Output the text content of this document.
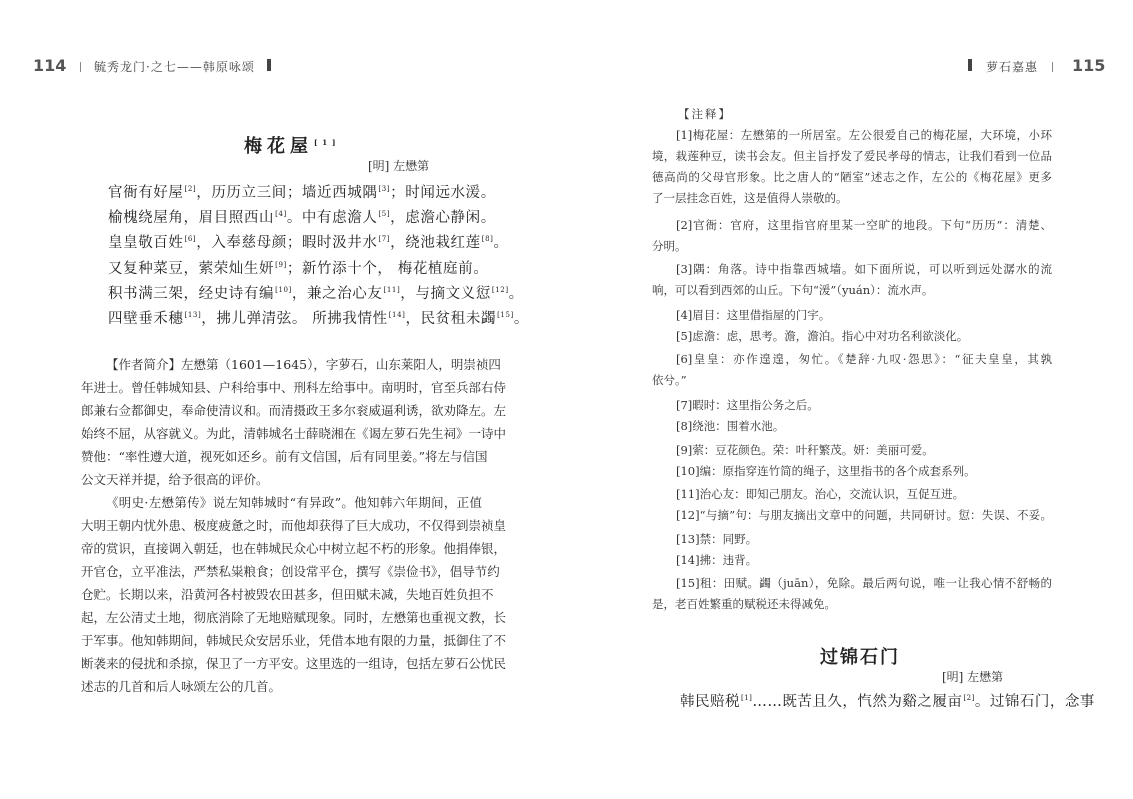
114 毓秀龙门·之七——韩原咏颂	萝石嘉惠 115
梅花屋[1]
[明] 左懋第
官衙有好屋[2]，历历立三间；墙近西城隅[3]；时闻远水湲。
榆槐绕屋角，眉目照西山[4]。中有虑澹人[5]，虑澹心静闲。
皇皇敬百姓[6]，入奉慈母颜；暇时汲井水[7]，绕池栽红莲[8]。
又复种菜豆，萦荣灿生妍[9]；新竹添十个， 梅花植庭前。
积书满三架，经史诗有编[10]，兼之治心友[11]，与摘文义愆[12]。
四壁垂禾穗[13]，拂儿弹清弦。 所拂我情性[14]，民贫租未蠲[15]。
【作者简介】左懋第（1601—1645），字萝石，山东莱阳人，明崇祯四
年进士。曾任韩城知县、户科给事中、刑科左给事中。南明时，官至兵部右侍
郎兼右佥都御史，奉命使清议和。而清摄政王多尔衮威逼利诱，欲劝降左。左
始终不屈，从容就义。为此，清韩城名士薛晓湘在《谒左萝石先生祠》一诗中
赞他：“率性遵大道，视死如还乡。前有文信国，后有同里姜。”将左与信国
公文天祥并提，给予很高的评价。
《明史·左懋第传》说左知韩城时“有异政”。他知韩六年期间，正值
大明王朝内忧外患、极度疲惫之时，而他却获得了巨大成功，不仅得到崇祯皇
帝的赏识，直接调入朝廷，也在韩城民众心中树立起不朽的形象。他捐俸银，
开官仓，立平准法，严禁私粜粮食；创设常平仓，撰写《崇俭书》，倡导节约
仓贮。长期以来，沿黄河各村被毁农田甚多，但田赋未减，失地百姓负担不
起，左公清丈土地，彻底消除了无地赔赋现象。同时，左懋第也重视文教，长
于军事。他知韩期间，韩城民众安居乐业，凭借本地有限的力量，抵御住了不
断袭来的侵扰和杀掠，保卫了一方平安。这里选的一组诗，包括左萝石公忧民
述志的几首和后人咏颂左公的几首。
【注释】
[1]梅花屋：左懋第的一所居室。左公很爱自己的梅花屋，大环境，小环
境，栽莲种豆，读书会友。但主旨抒发了爱民孝母的情志，让我们看到一位品
德高尚的父母官形象。比之唐人的“陋室”述志之作，左公的《梅花屋》更多
了一层挂念百姓，这是值得人崇敬的。
[2]官衙：官府，这里指官府里某一空旷的地段。下句“历历”：清楚、
分明。
[3]隅：角落。诗中指靠西城墙。如下面所说，可以听到远处潺水的流
响，可以看到西郊的山丘。下句“湲”（yuán）：流水声。
[4]眉目：这里借指屋的门宇。
[5]虑澹：虑，思考。澹，澹泊。指心中对功名利欲淡化。
[6]皇皇：亦作遑遑，匆忙。《楚辞·九叹·怨思》：“征夫皇皇，其孰
依兮。”
[7]暇时：这里指公务之后。
[8]绕池：围着水池。
[9]萦：豆花颜色。荣：叶秆繁茂。妍：美丽可爱。
[10]编：原指穿连竹简的绳子，这里指书的各个成套系列。
[11]治心友：即知己朋友。治心，交流认识，互促互进。
[12]“与摘”句：与朋友摘出文章中的问题，共同研讨。愆：失误、不妥。
[13]禁：同野。
[14]拂：违背。
[15]租：田赋。蠲（juān），免除。最后两句说，唯一让我心情不舒畅的
是，老百姓繁重的赋税还未得减免。
过锦石门
[明] 左懋第
韩民赔税[1]……既苦且久，忾然为谿之履亩[2]。过锦石门，念事
